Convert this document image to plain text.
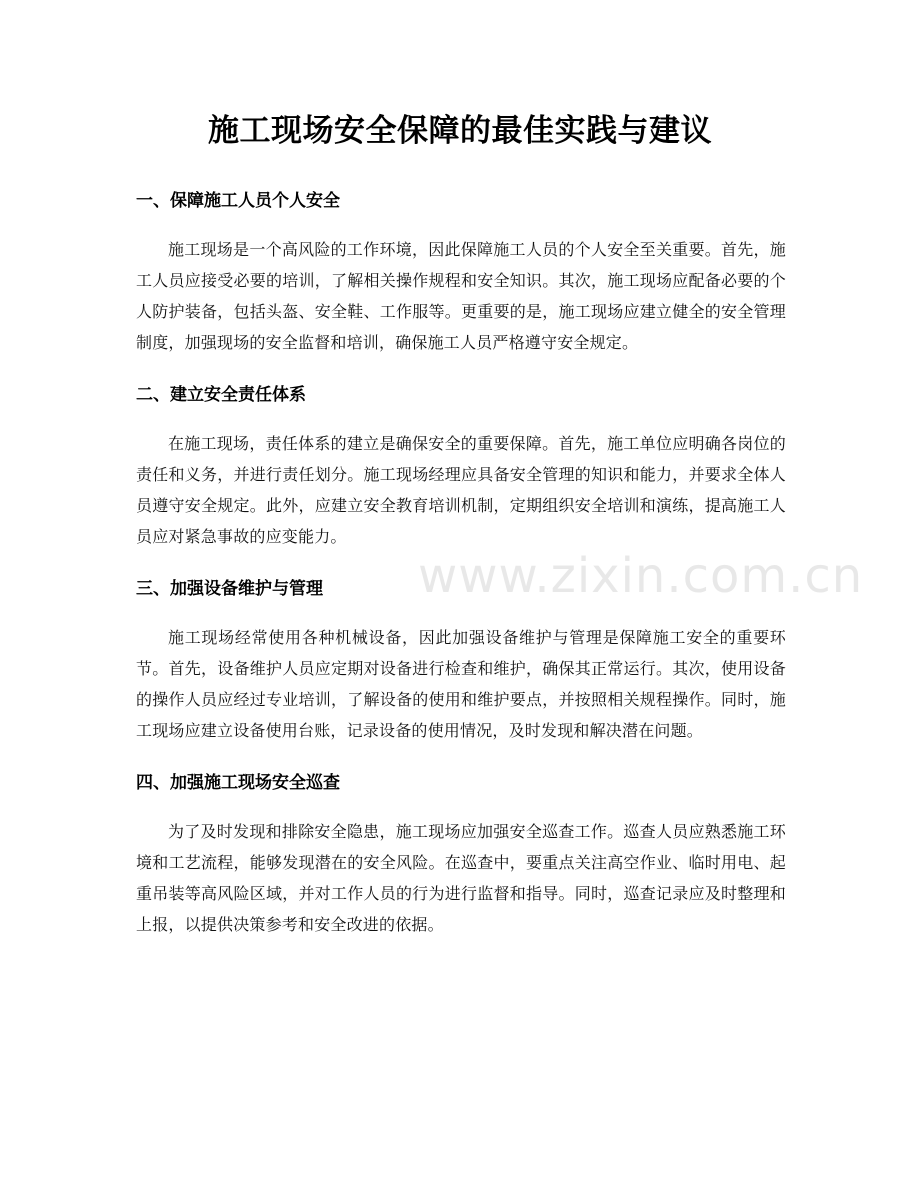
施工现场安全保障的最佳实践与建议
一、保障施工人员个人安全

施工现场是一个高风险的工作环境，因此保障施工人员的个人安全至关重要。首先，施工人员应接受必要的培训，了解相关操作规程和安全知识。其次，施工现场应配备必要的个人防护装备，包括头盔、安全鞋、工作服等。更重要的是，施工现场应建立健全的安全管理制度，加强现场的安全监督和培训，确保施工人员严格遵守安全规定。

二、建立安全责任体系

在施工现场，责任体系的建立是确保安全的重要保障。首先，施工单位应明确各岗位的责任和义务，并进行责任划分。施工现场经理应具备安全管理的知识和能力，并要求全体人员遵守安全规定。此外，应建立安全教育培训机制，定期组织安全培训和演练，提高施工人员应对紧急事故的应变能力。

三、加强设备维护与管理

施工现场经常使用各种机械设备，因此加强设备维护与管理是保障施工安全的重要环节。首先，设备维护人员应定期对设备进行检查和维护，确保其正常运行。其次，使用设备的操作人员应经过专业培训，了解设备的使用和维护要点，并按照相关规程操作。同时，施工现场应建立设备使用台账，记录设备的使用情况，及时发现和解决潜在问题。

四、加强施工现场安全巡查

为了及时发现和排除安全隐患，施工现场应加强安全巡查工作。巡查人员应熟悉施工环境和工艺流程，能够发现潜在的安全风险。在巡查中，要重点关注高空作业、临时用电、起重吊装等高风险区域，并对工作人员的行为进行监督和指导。同时，巡查记录应及时整理和上报，以提供决策参考和安全改进的依据。

www.zixin.com.cn
